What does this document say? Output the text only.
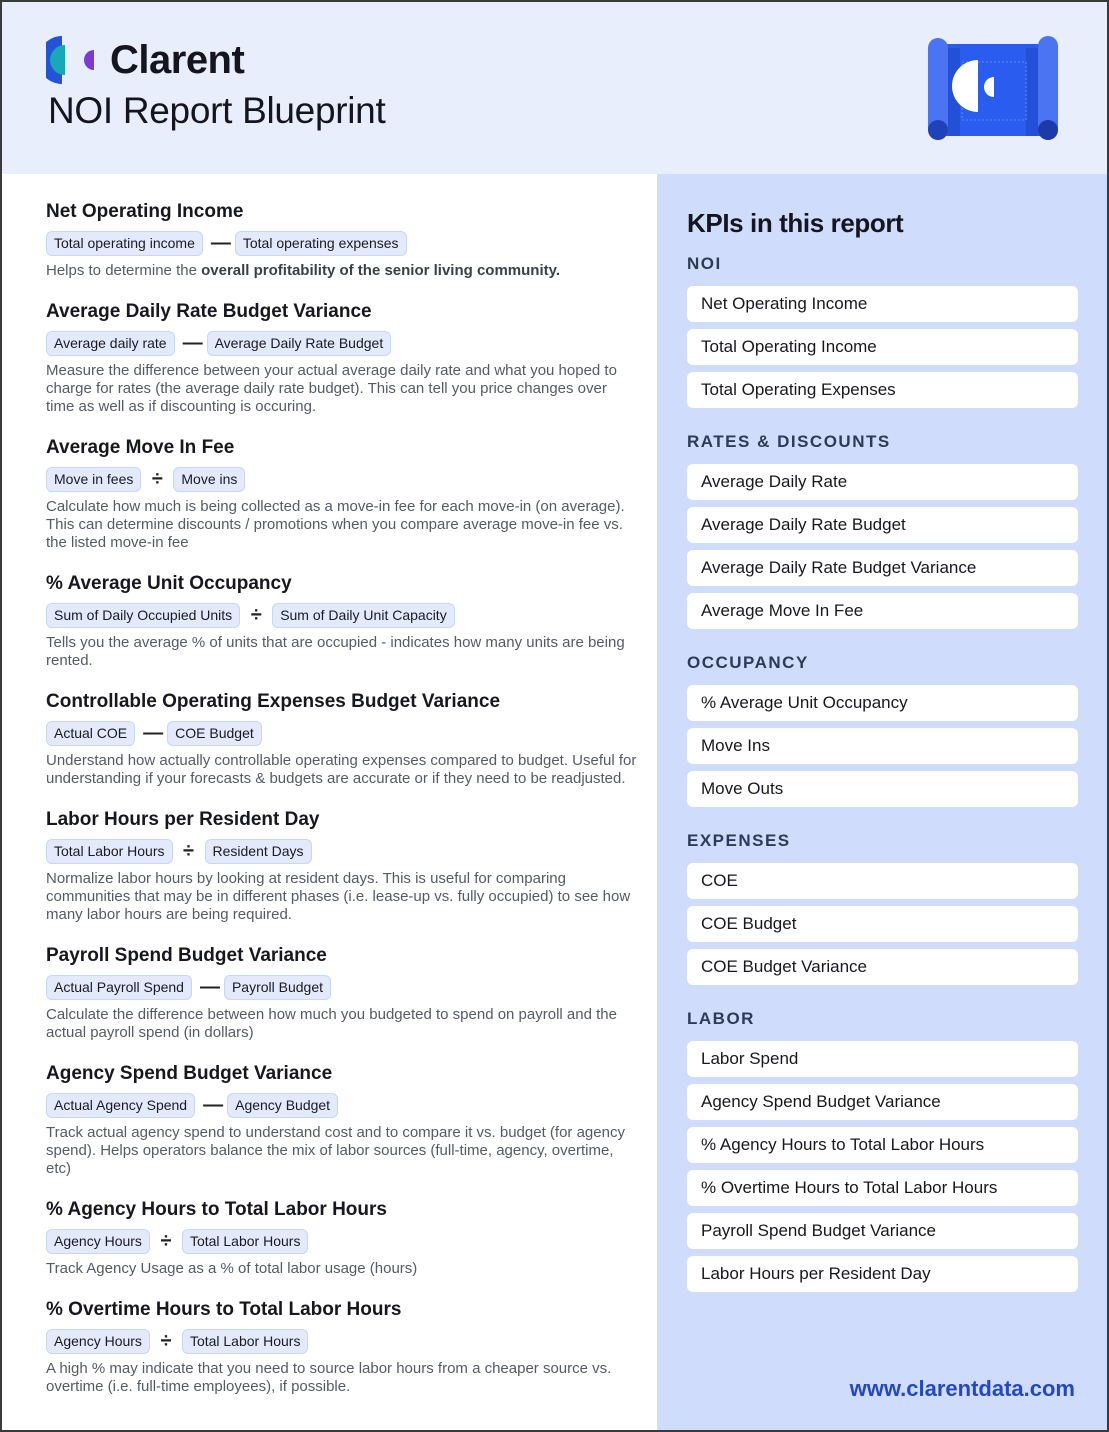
Clarent
NOI Report Blueprint
Net Operating Income
Total operating income — Total operating expenses

Helps to determine the overall profitability of the senior living community.

Average Daily Rate Budget Variance
Average daily rate — Average Daily Rate Budget

Measure the difference between your actual average daily rate and what you hoped to charge for rates (the average daily rate budget). This can tell you price changes over time as well as if discounting is occuring.

Average Move In Fee
Move in fees ÷	Move ins

Calculate how much is being collected as a move-in fee for each move-in (on average). This can determine discounts / promotions when you compare average move-in fee vs. the listed move-in fee

% Average Unit Occupancy
Sum of Daily Occupied Units ÷	Sum of Daily Unit Capacity

Tells you the average % of units that are occupied - indicates how many units are being rented.

Controllable Operating Expenses Budget Variance
Actual COE — COE Budget

Understand how actually controllable operating expenses compared to budget. Useful for understanding if your forecasts & budgets are accurate or if they need to be readjusted.

Labor Hours per Resident Day
Total Labor Hours ÷	Resident Days

Normalize labor hours by looking at resident days. This is useful for comparing communities that may be in different phases (i.e. lease-up vs. fully occupied) to see how many labor hours are being required.

Payroll Spend Budget Variance
Actual Payroll Spend — Payroll Budget

Calculate the difference between how much you budgeted to spend on payroll and the actual payroll spend (in dollars)

Agency Spend Budget Variance
Actual Agency Spend — Agency Budget

Track actual agency spend to understand cost and to compare it vs. budget (for agency spend). Helps operators balance the mix of labor sources (full-time, agency, overtime, etc)

% Agency Hours to Total Labor Hours
Agency Hours ÷	Total Labor Hours

Track Agency Usage as a % of total labor usage (hours)

% Overtime Hours to Total Labor Hours
Agency Hours ÷	Total Labor Hours

A high % may indicate that you need to source labor hours from a cheaper source vs. overtime (i.e. full-time employees), if possible.

KPIs in this report
NOI
Net Operating Income
Total Operating Income
Total Operating Expenses
RATES & DISCOUNTS
Average Daily Rate
Average Daily Rate Budget
Average Daily Rate Budget Variance
Average Move In Fee
OCCUPANCY
% Average Unit Occupancy
Move Ins
Move Outs
EXPENSES
COE
COE Budget
COE Budget Variance
LABOR
Labor Spend
Agency Spend Budget Variance
% Agency Hours to Total Labor Hours
% Overtime Hours to Total Labor Hours
Payroll Spend Budget Variance
Labor Hours per Resident Day
www.clarentdata.com
